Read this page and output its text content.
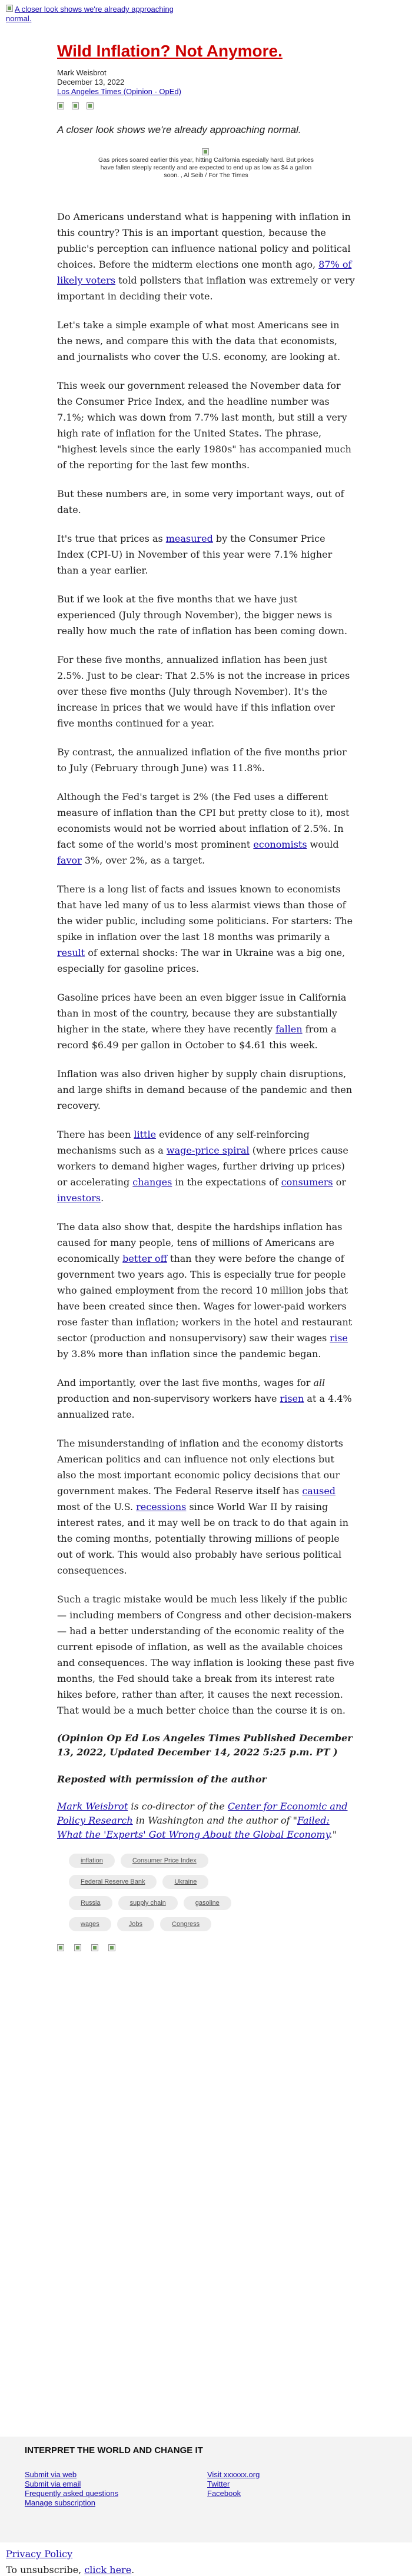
A closer look shows we're already approaching normal.
Wild Inflation? Not Anymore.
Mark Weisbrot
December 13, 2022
Los Angeles Times (Opinion - OpEd)

A closer look shows we're already approaching normal.
Gas prices soared earlier this year, hitting California especially hard. But prices have fallen steeply recently and are expected to end up as low as $4 a gallon soon. , Al Seib / For The Times

Do Americans understand what is happening with inflation in this country? This is an important question, because the public's perception can influence national policy and political choices. Before the midterm elections one month ago, 87% of likely voters told pollsters that inflation was extremely or very important in deciding their vote.

Let's take a simple example of what most Americans see in the news, and compare this with the data that economists, and journalists who cover the U.S. economy, are looking at.

This week our government released the November data for the Consumer Price Index, and the headline number was 7.1%; which was down from 7.7% last month, but still a very high rate of inflation for the United States. The phrase, "highest levels since the early 1980s" has accompanied much of the reporting for the last few months.

But these numbers are, in some very important ways, out of date.

It's true that prices as measured by the Consumer Price Index (CPI-U) in November of this year were 7.1% higher than a year earlier.

But if we look at the five months that we have just experienced (July through November), the bigger news is really how much the rate of inflation has been coming down.

For these five months, annualized inflation has been just 2.5%. Just to be clear: That 2.5% is not the increase in prices over these five months (July through November). It's the increase in prices that we would have if this inflation over five months continued for a year.

By contrast, the annualized inflation of the five months prior to July (February through June) was 11.8%.

Although the Fed's target is 2% (the Fed uses a different measure of inflation than the CPI but pretty close to it), most economists would not be worried about inflation of 2.5%. In fact some of the world's most prominent economists would favor 3%, over 2%, as a target.

There is a long list of facts and issues known to economists that have led many of us to less alarmist views than those of the wider public, including some politicians. For starters: The spike in inflation over the last 18 months was primarily a result of external shocks: The war in Ukraine was a big one, especially for gasoline prices.

Gasoline prices have been an even bigger issue in California than in most of the country, because they are substantially higher in the state, where they have recently fallen from a record $6.49 per gallon in October to $4.61 this week.

Inflation was also driven higher by supply chain disruptions, and large shifts in demand because of the pandemic and then recovery.

There has been little evidence of any self-reinforcing mechanisms such as a wage-price spiral (where prices cause workers to demand higher wages, further driving up prices) or accelerating changes in the expectations of consumers or investors.

The data also show that, despite the hardships inflation has caused for many people, tens of millions of Americans are economically better off than they were before the change of government two years ago. This is especially true for people who gained employment from the record 10 million jobs that have been created since then. Wages for lower-paid workers rose faster than inflation; workers in the hotel and restaurant sector (production and nonsupervisory) saw their wages rise by 3.8% more than inflation since the pandemic began.

And importantly, over the last five months, wages for all production and non-supervisory workers have risen at a 4.4% annualized rate.

The misunderstanding of inflation and the economy distorts American politics and can influence not only elections but also the most important economic policy decisions that our government makes. The Federal Reserve itself has caused most of the U.S. recessions since World War II by raising interest rates, and it may well be on track to do that again in the coming months, potentially throwing millions of people out of work. This would also probably have serious political consequences.

Such a tragic mistake would be much less likely if the public — including members of Congress and other decision-makers — had a better understanding of the economic reality of the current episode of inflation, as well as the available choices and consequences. The way inflation is looking these past five months, the Fed should take a break from its interest rate hikes before, rather than after, it causes the next recession. That would be a much better choice than the course it is on.

(Opinion Op Ed Los Angeles Times Published December 13, 2022, Updated December 14, 2022 5:25 p.m. PT )

Reposted with permission of the author

Mark Weisbrot is co-director of the Center for Economic and Policy Research in Washington and the author of "Failed: What the 'Experts' Got Wrong About the Global Economy."

inflation	Consumer Price Index
Federal Reserve Bank	Ukraine
Russia	supply chain	gasoline
wages	Jobs	Congress

INTERPRET THE WORLD AND CHANGE IT
Submit via web
Submit via email
Frequently asked questions
Manage subscription
Visit xxxxxx.org
Twitter
Facebook
Privacy Policy
To unsubscribe, click here.
